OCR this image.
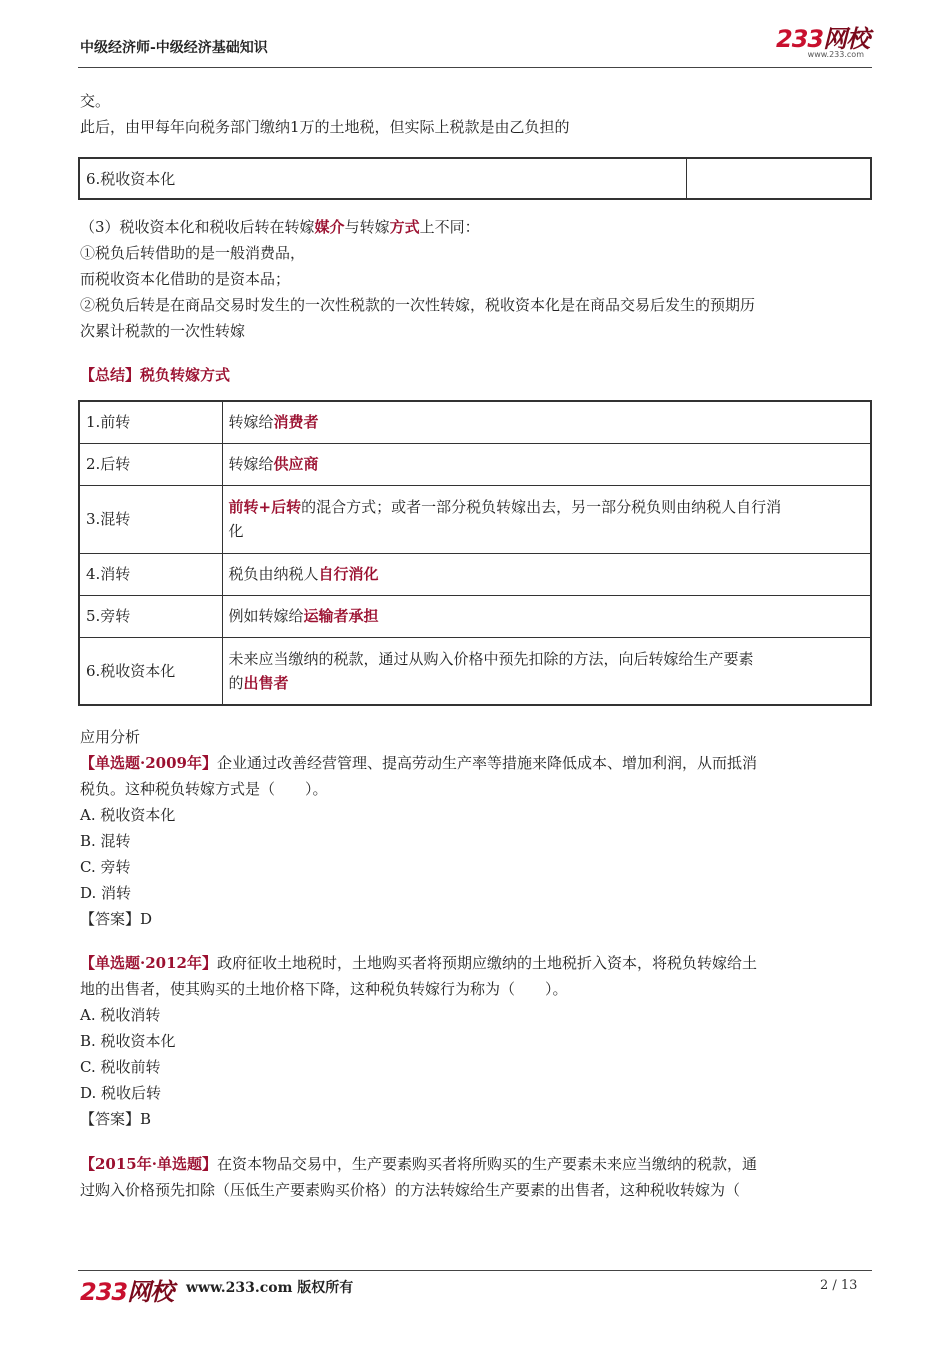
中级经济师-中级经济基础知识	233网校
www.233.com
交。
此后，由甲每年向税务部门缴纳1万的土地税，但实际上税款是由乙负担的
6.税收资本化	
（3）税收资本化和税收后转在转嫁媒介与转嫁方式上不同：
①税负后转借助的是一般消费品，
而税收资本化借助的是资本品；
②税负后转是在商品交易时发生的一次性税款的一次性转嫁，税收资本化是在商品交易后发生的预期历
次累计税款的一次性转嫁
【总结】税负转嫁方式
1.前转	转嫁给消费者
2.后转	转嫁给供应商
3.混转	前转+后转的混合方式；或者一部分税负转嫁出去，另一部分税负则由纳税人自行消
化
4.消转	税负由纳税人自行消化
5.旁转	例如转嫁给运输者承担
6.税收资本化	未来应当缴纳的税款，通过从购入价格中预先扣除的方法，向后转嫁给生产要素
的出售者
应用分析
【单选题·2009年】企业通过改善经营管理、提高劳动生产率等措施来降低成本、增加利润，从而抵消
税负。这种税负转嫁方式是（　　）。
A. 税收资本化
B. 混转
C. 旁转
D. 消转
【答案】D
【单选题·2012年】政府征收土地税时，土地购买者将预期应缴纳的土地税折入资本，将税负转嫁给土
地的出售者，使其购买的土地价格下降，这种税负转嫁行为称为（　　）。
A. 税收消转
B. 税收资本化
C. 税收前转
D. 税收后转
【答案】B
【2015年·单选题】在资本物品交易中，生产要素购买者将所购买的生产要素未来应当缴纳的税款，通
过购入价格预先扣除（压低生产要素购买价格）的方法转嫁给生产要素的出售者，这种税收转嫁为（
233网校 www.233.com 版权所有	2 / 13
